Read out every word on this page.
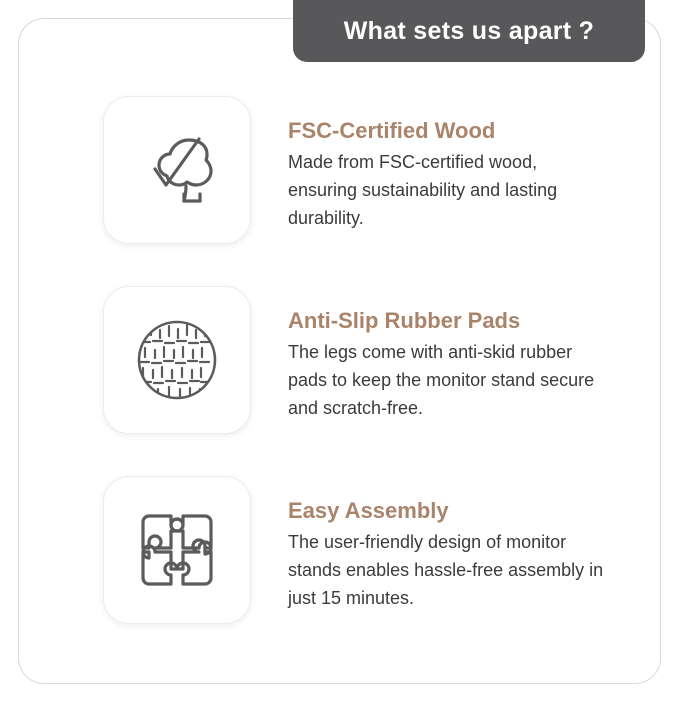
What sets us apart ?

FSC-Certified Wood

Made from FSC-certified wood, ensuring sustainability and lasting durability.

Anti-Slip Rubber Pads

The legs come with anti-skid rubber pads to keep the monitor stand secure and scratch-free.

Easy Assembly

The user-friendly design of monitor stands enables hassle-free assembly in just 15 minutes.
